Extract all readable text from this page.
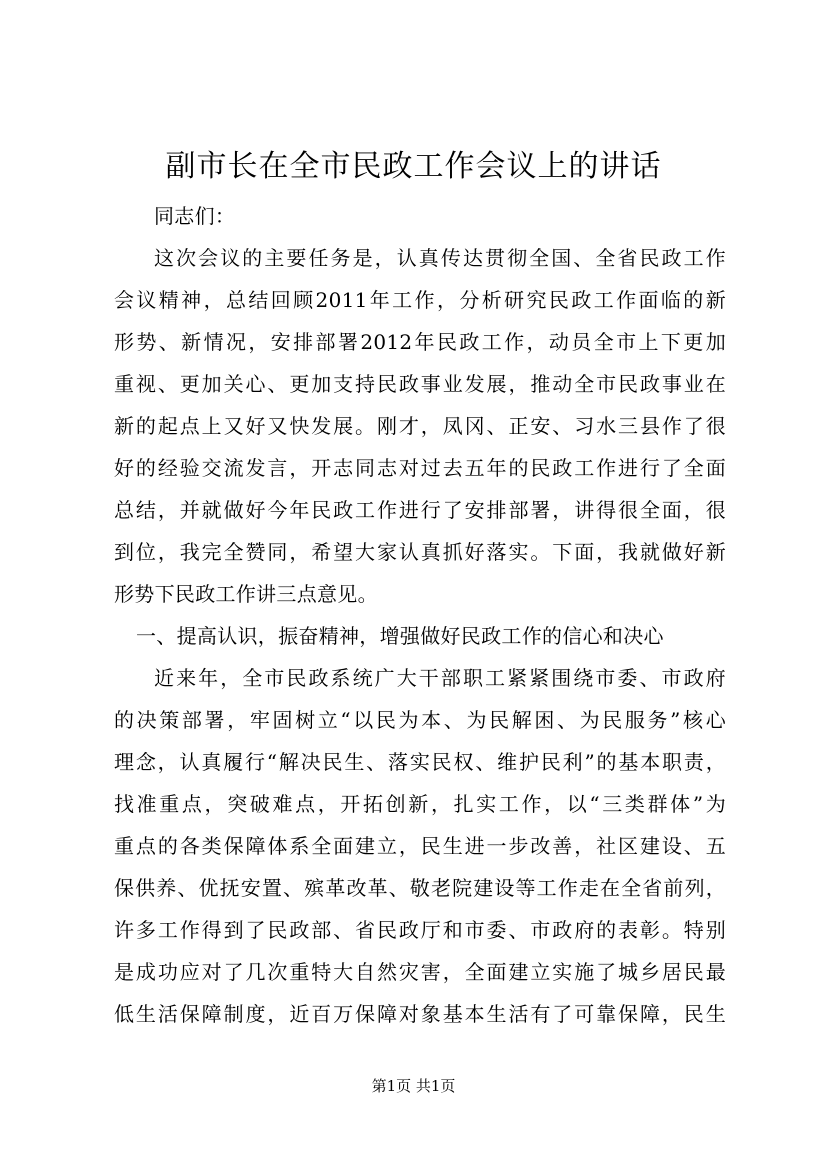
副市长在全市民政工作会议上的讲话
同志们：
这次会议的主要任务是，认真传达贯彻全国、全省民政工作
会议精神，总结回顾2011年工作，分析研究民政工作面临的新
形势、新情况，安排部署2012年民政工作，动员全市上下更加
重视、更加关心、更加支持民政事业发展，推动全市民政事业在
新的起点上又好又快发展。刚才，凤冈、正安、习水三县作了很
好的经验交流发言，开志同志对过去五年的民政工作进行了全面
总结，并就做好今年民政工作进行了安排部署，讲得很全面，很
到位，我完全赞同，希望大家认真抓好落实。下面，我就做好新
形势下民政工作讲三点意见。
一、提高认识，振奋精神，增强做好民政工作的信心和决心
近来年，全市民政系统广大干部职工紧紧围绕市委、市政府
的决策部署，牢固树立“以民为本、为民解困、为民服务”核心
理念，认真履行“解决民生、落实民权、维护民利”的基本职责，
找准重点，突破难点，开拓创新，扎实工作，以“三类群体”为
重点的各类保障体系全面建立，民生进一步改善，社区建设、五
保供养、优抚安置、殡革改革、敬老院建设等工作走在全省前列，
许多工作得到了民政部、省民政厅和市委、市政府的表彰。特别
是成功应对了几次重特大自然灾害，全面建立实施了城乡居民最
低生活保障制度，近百万保障对象基本生活有了可靠保障，民生
第1页 共1页
